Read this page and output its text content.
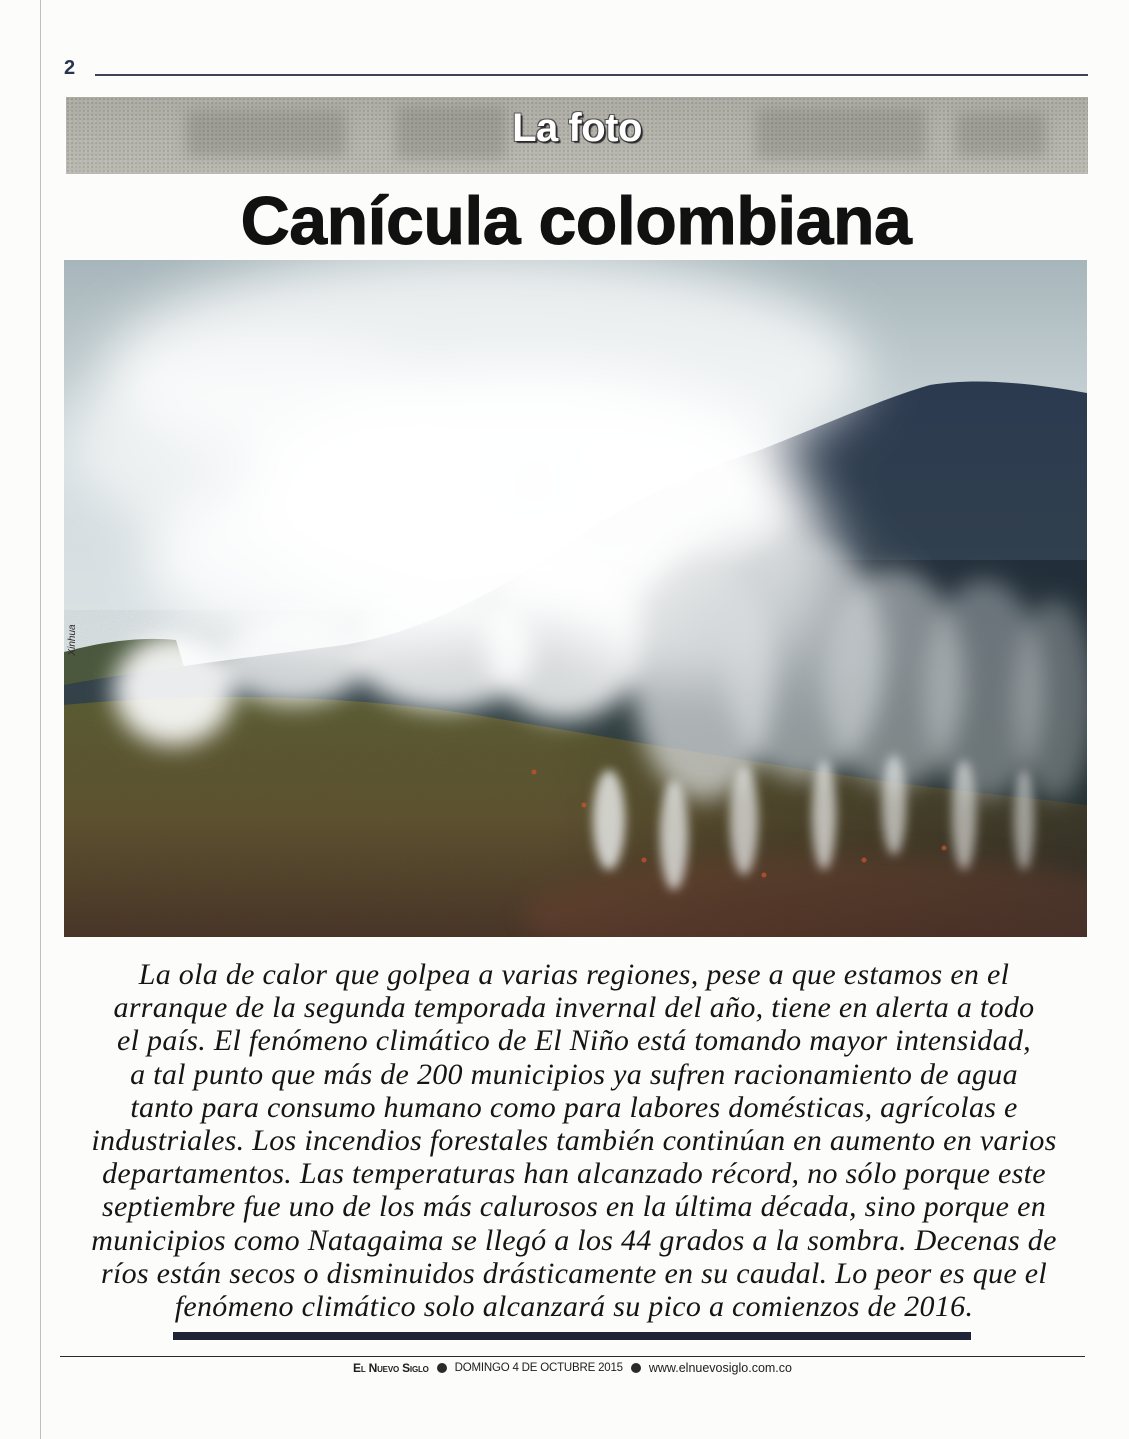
2
La foto
Canícula colombiana
Xinhua
La ola de calor que golpea a varias regiones, pese a que estamos en el
arranque de la segunda temporada invernal del año, tiene en alerta a todo
el país. El fenómeno climático de El Niño está tomando mayor intensidad,
a tal punto que más de 200 municipios ya sufren racionamiento de agua
tanto para consumo humano como para labores domésticas, agrícolas e
industriales. Los incendios forestales también continúan en aumento en varios
departamentos. Las temperaturas han alcanzado récord, no sólo porque este
septiembre fue uno de los más calurosos en la última década, sino porque en
municipios como Natagaima se llegó a los 44 grados a la sombra. Decenas de
ríos están secos o disminuidos drásticamente en su caudal. Lo peor es que el
fenómeno climático solo alcanzará su pico a comienzos de 2016.
El Nuevo Siglo DOMINGO 4 DE OCTUBRE 2015 www.elnuevosiglo.com.co
